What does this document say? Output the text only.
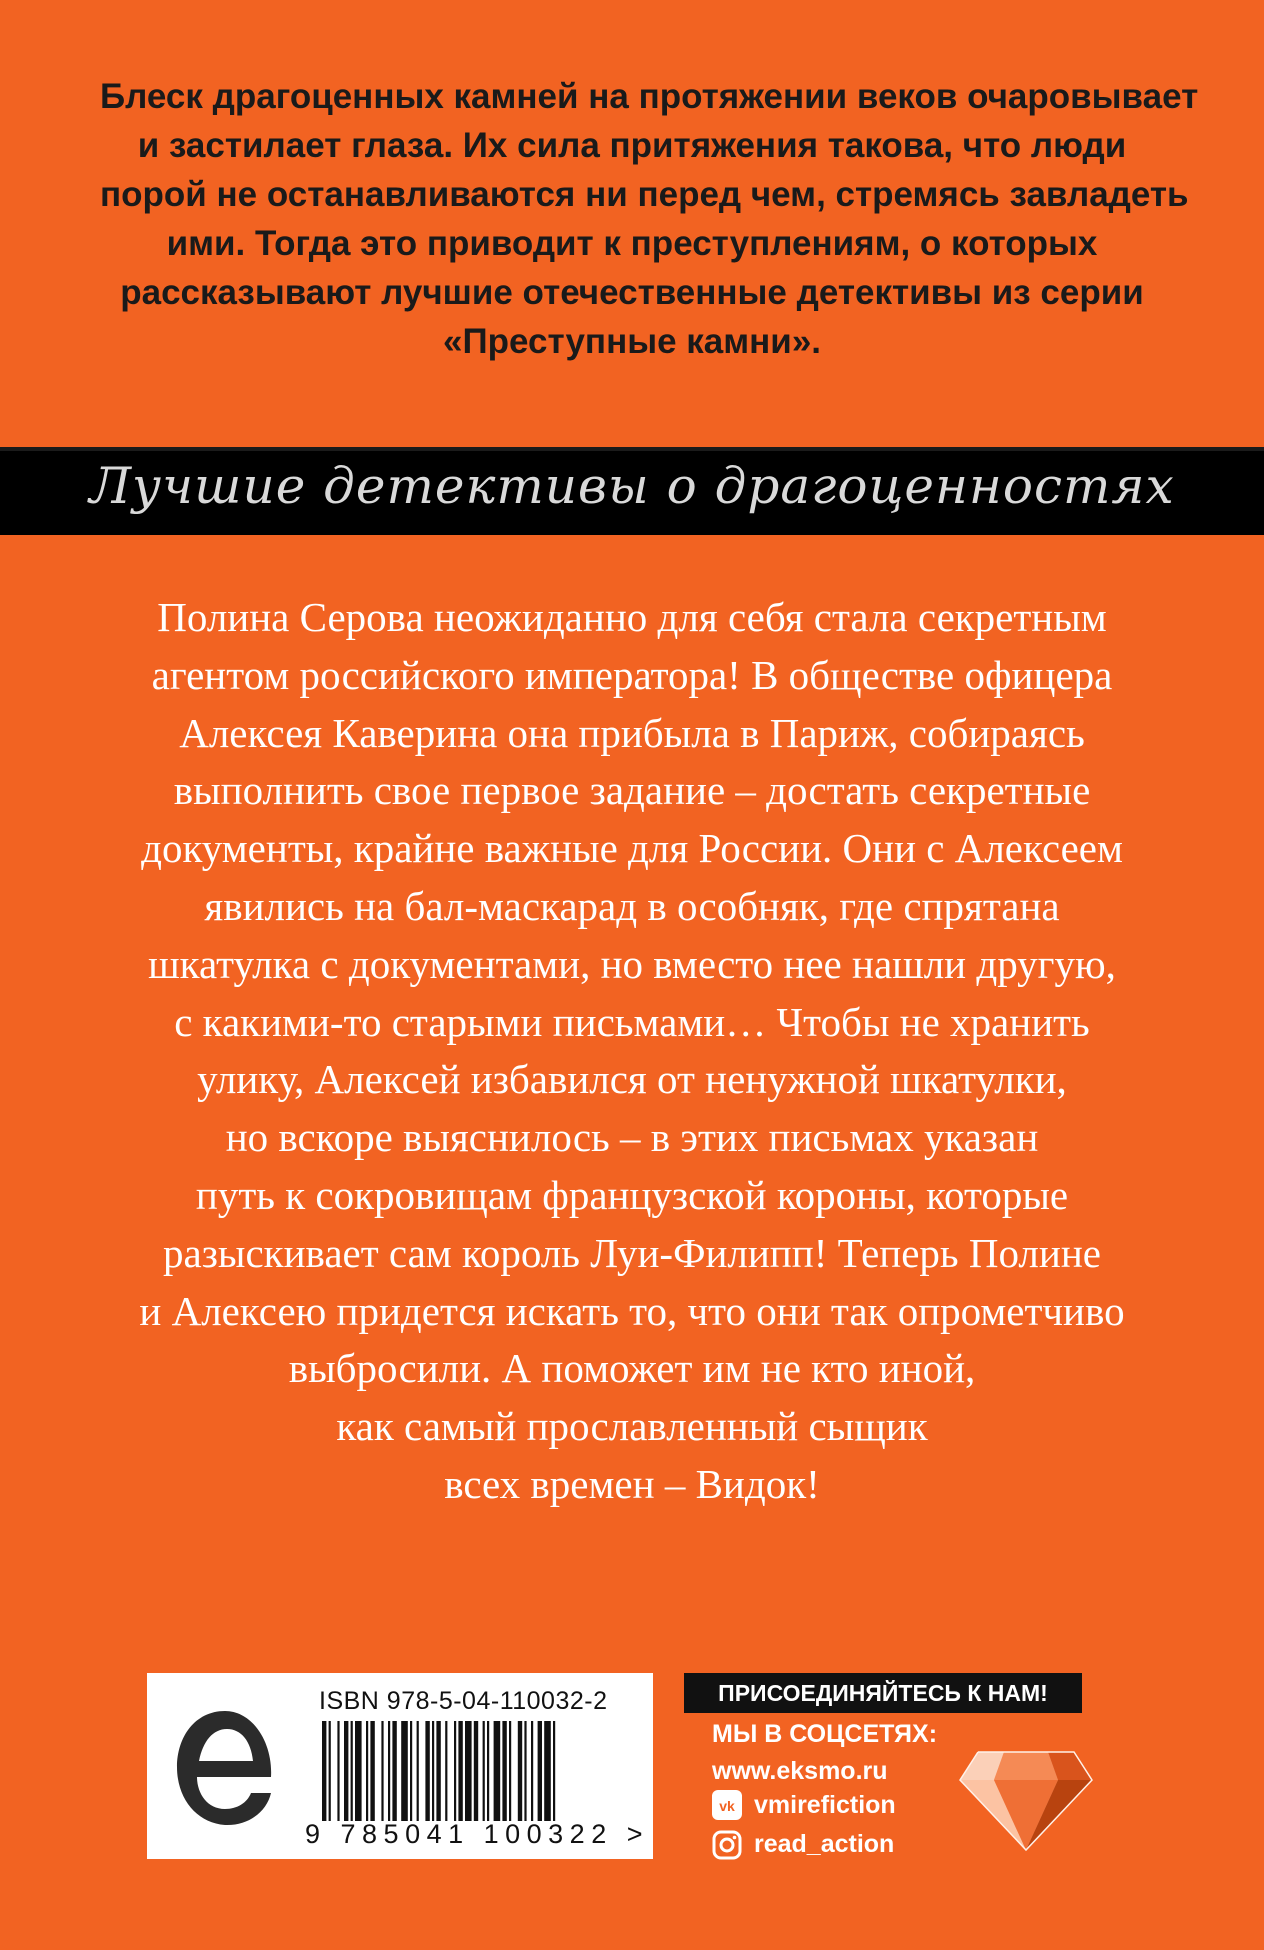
Блеск драгоценных камней на протяжении веков очаровывает
и застилает глаза. Их сила притяжения такова, что люди
порой не останавливаются ни перед чем, стремясь завладеть
ими. Тогда это приводит к преступлениям, о которых
рассказывают лучшие отечественные детективы из серии
«Преступные камни».
Лучшие детективы о драгоценностях
Полина Серова неожиданно для себя стала секретным
агентом российского императора! В обществе офицера
Алексея Каверина она прибыла в Париж, собираясь
выполнить свое первое задание – достать секретные
документы, крайне важные для России. Они с Алексеем
явились на бал-маскарад в особняк, где спрятана
шкатулка с документами, но вместо нее нашли другую,
с какими-то старыми письмами… Чтобы не хранить
улику, Алексей избавился от ненужной шкатулки,
но вскоре выяснилось – в этих письмах указан
путь к сокровищам французской короны, которые
разыскивает сам король Луи-Филипп! Теперь Полине
и Алексею придется искать то, что они так опрометчиво
выбросили. А поможет им не кто иной,
как самый прославленный сыщик
всех времен – Видок!
ISBN 978-5-04-110032-2
9 785041 100322 >
ПРИСОЕДИНЯЙТЕСЬ К НАМ!
МЫ В СОЦСЕТЯХ:
www.eksmo.ru
vk vmirefiction
read_action
